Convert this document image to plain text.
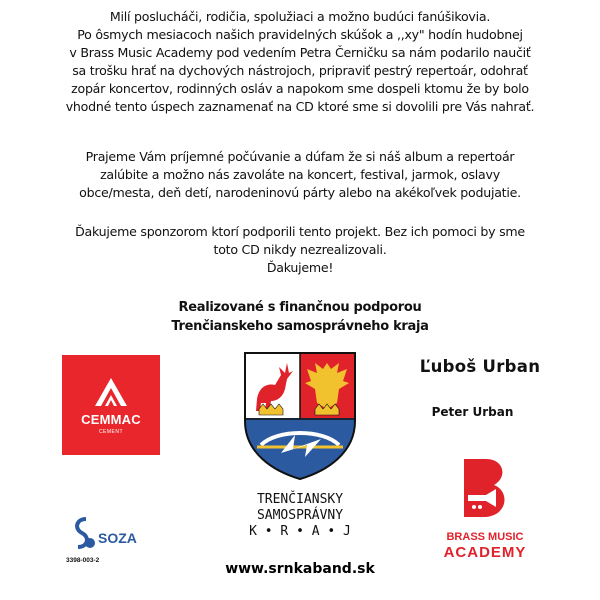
Milí poslucháči, rodičia, spolužiaci a možno budúci fanúšikovia.
Po ôsmych mesiacoch našich pravidelných skúšok a ,,xy" hodín hudobnej
v Brass Music Academy pod vedením Petra Černičku sa nám podarilo naučiť
sa trošku hrať na dychových nástrojoch, pripraviť pestrý repertoár, odohrať
zopár koncertov, rodinných osláv a napokom sme dospeli ktomu že by bolo
vhodné tento úspech zaznamenať na CD ktoré sme si dovolili pre Vás nahrať.
Prajeme Vám príjemné počúvanie a dúfam že si náš album a repertoár
zalúbite a možno nás zavoláte na koncert, festival, jarmok, oslavy
obce/mesta, deň detí, narodeninovú párty alebo na akékoľvek podujatie.
Ďakujeme sponzorom ktorí podporili tento projekt. Bez ich pomoci by sme
toto CD nikdy nezrealizovali.
Ďakujeme!
Realizované s finančnou podporou
Trenčianskeho samosprávneho kraja
CEMMAC
CEMENT
TRENČIANSKY
SAMOSPRÁVNY
K • R • A • J
Ľuboš Urban
Peter Urban
SOZA
3398-003-2
BRASS MUSIC
ACADEMY
www.srnkaband.sk
